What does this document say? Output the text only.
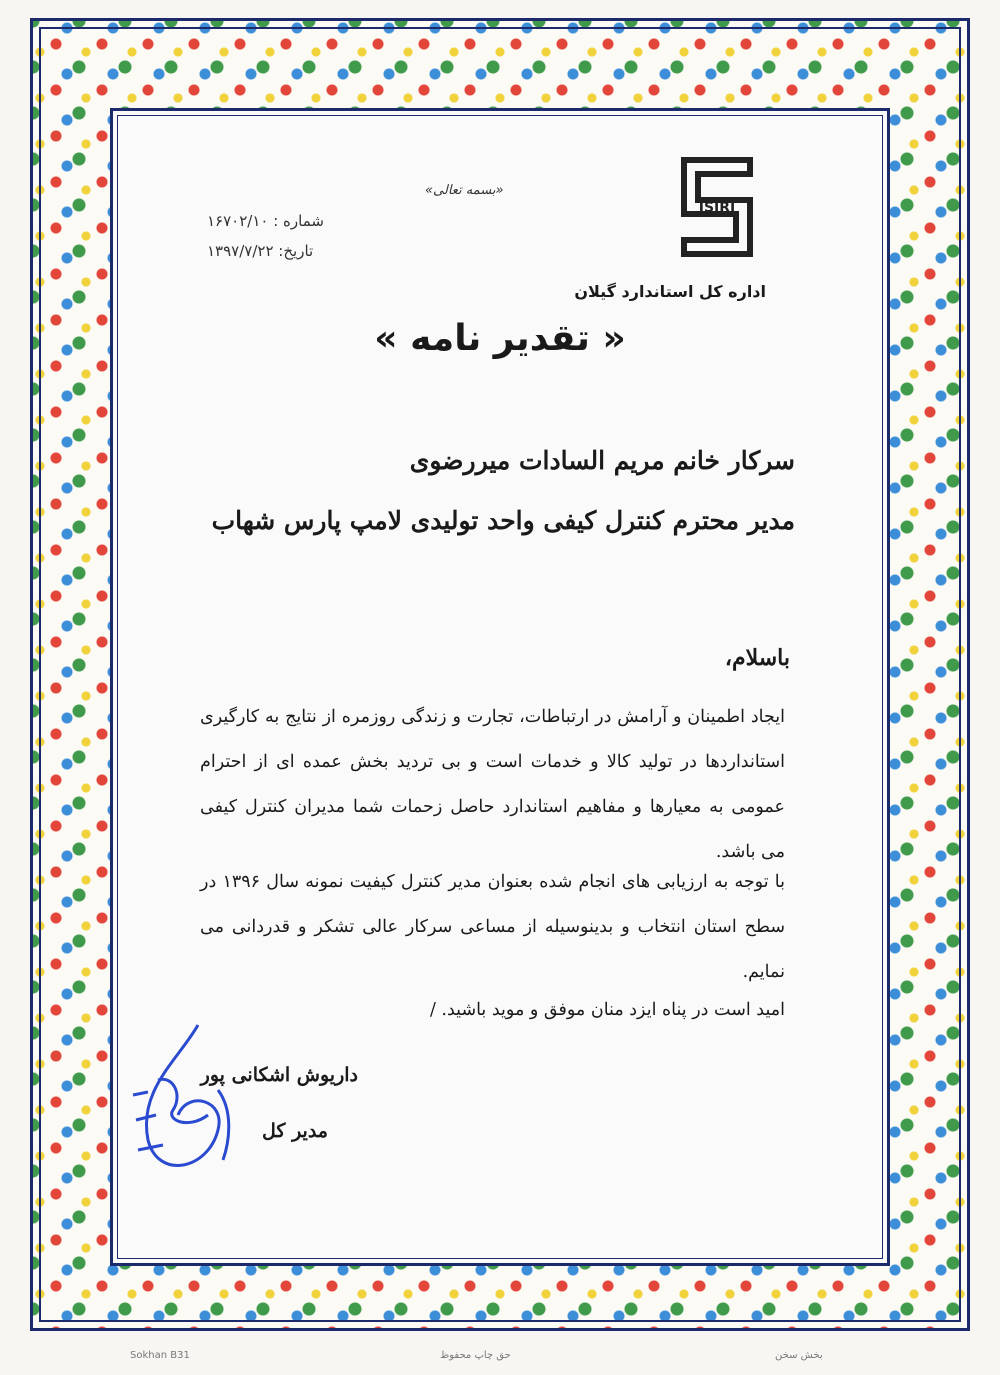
ISIRI
اداره کل استاندارد گیلان
«بسمه تعالی»
شماره : ۱۶۷۰۲/۱۰
تاریخ: ۱۳۹۷/۷/۲۲
« تقدیر نامه »
سرکار خانم مریم السادات میررضوی
مدیر محترم کنترل کیفی واحد تولیدی لامپ پارس شهاب
باسلام،
ایجاد اطمینان و آرامش در ارتباطات، تجارت و زندگی روزمره از نتایج به کارگیری استانداردها در تولید کالا و خدمات است و بی تردید بخش عمده ای از احترام عمومی به معیارها و مفاهیم استاندارد حاصل زحمات شما مدیران کنترل کیفی می باشد.
با توجه به ارزیابی های انجام شده بعنوان مدیر کنترل کیفیت نمونه سال ۱۳۹۶ در سطح استان انتخاب و بدینوسیله از مساعی سرکار عالی تشکر و قدردانی می نمایم.
امید است در پناه ایزد منان موفق و موید باشید. /
داریوش اشکانی پور
مدیر کل
Sokhan B31	حق چاپ محفوظ	بخش سخن
